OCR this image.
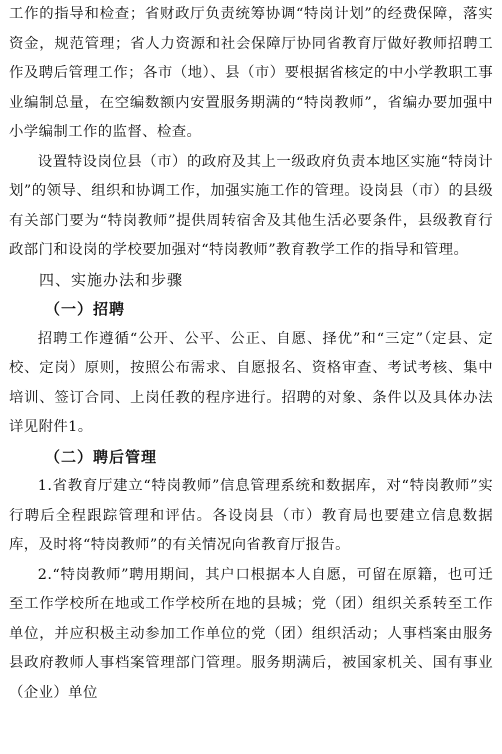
工作的指导和检查；省财政厅负责统筹协调“特岗计划”的经费保障，落实资金，规范管理；省人力资源和社会保障厅协同省教育厅做好教师招聘工作及聘后管理工作；各市（地）、县（市）要根据省核定的中小学教职工事业编制总量，在空编数额内安置服务期满的“特岗教师”，省编办要加强中小学编制工作的监督、检查。

设置特设岗位县（市）的政府及其上一级政府负责本地区实施“特岗计划”的领导、组织和协调工作，加强实施工作的管理。设岗县（市）的县级有关部门要为“特岗教师”提供周转宿舍及其他生活必要条件，县级教育行政部门和设岗的学校要加强对“特岗教师”教育教学工作的指导和管理。

四、实施办法和步骤

（一）招聘

招聘工作遵循“公开、公平、公正、自愿、择优”和“三定”（定县、定校、定岗）原则，按照公布需求、自愿报名、资格审查、考试考核、集中培训、签订合同、上岗任教的程序进行。招聘的对象、条件以及具体办法详见附件1。

（二）聘后管理

1.省教育厅建立“特岗教师”信息管理系统和数据库，对“特岗教师”实行聘后全程跟踪管理和评估。各设岗县（市）教育局也要建立信息数据库，及时将“特岗教师”的有关情况向省教育厅报告。

2.“特岗教师”聘用期间，其户口根据本人自愿，可留在原籍，也可迁至工作学校所在地或工作学校所在地的县城；党（团）组织关系转至工作单位，并应积极主动参加工作单位的党（团）组织活动；人事档案由服务县政府教师人事档案管理部门管理。服务期满后，被国家机关、国有事业（企业）单位
